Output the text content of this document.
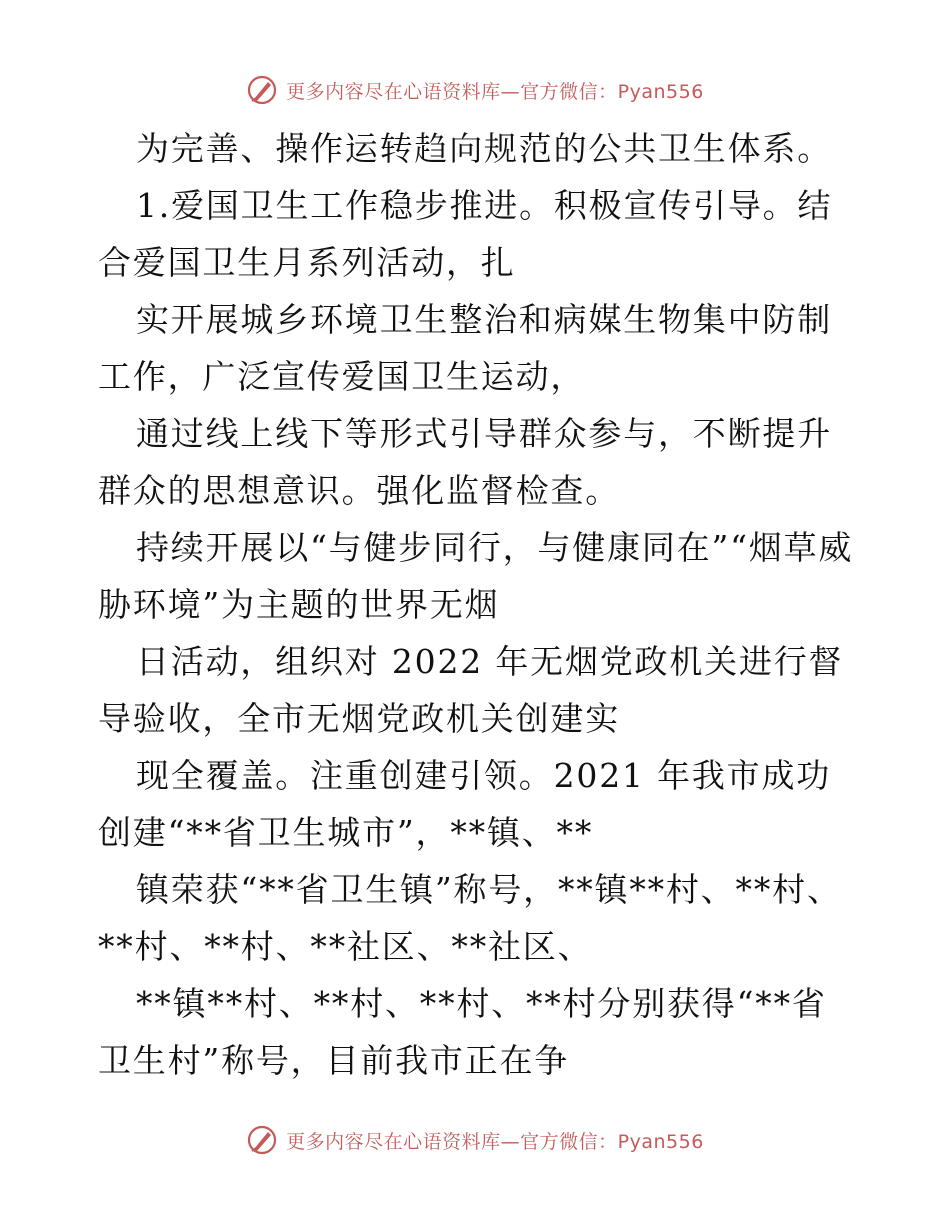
更多内容尽在心语资料库—官方微信：Pyan556

为完善、操作运转趋向规范的公共卫生体系。

1.爱国卫生工作稳步推进。积极宣传引导。结合爱国卫生月系列活动，扎

实开展城乡环境卫生整治和病媒生物集中防制工作，广泛宣传爱国卫生运动，

通过线上线下等形式引导群众参与，不断提升群众的思想意识。强化监督检查。

持续开展以“与健步同行，与健康同在”“烟草威胁环境”为主题的世界无烟

日活动，组织对 2022 年无烟党政机关进行督导验收，全市无烟党政机关创建实

现全覆盖。注重创建引领。2021 年我市成功创建“**省卫生城市”，**镇、**

镇荣获“**省卫生镇”称号，**镇**村、**村、**村、**村、**社区、**社区、

**镇**村、**村、**村、**村分别获得“**省卫生村”称号，目前我市正在争

更多内容尽在心语资料库—官方微信：Pyan556
